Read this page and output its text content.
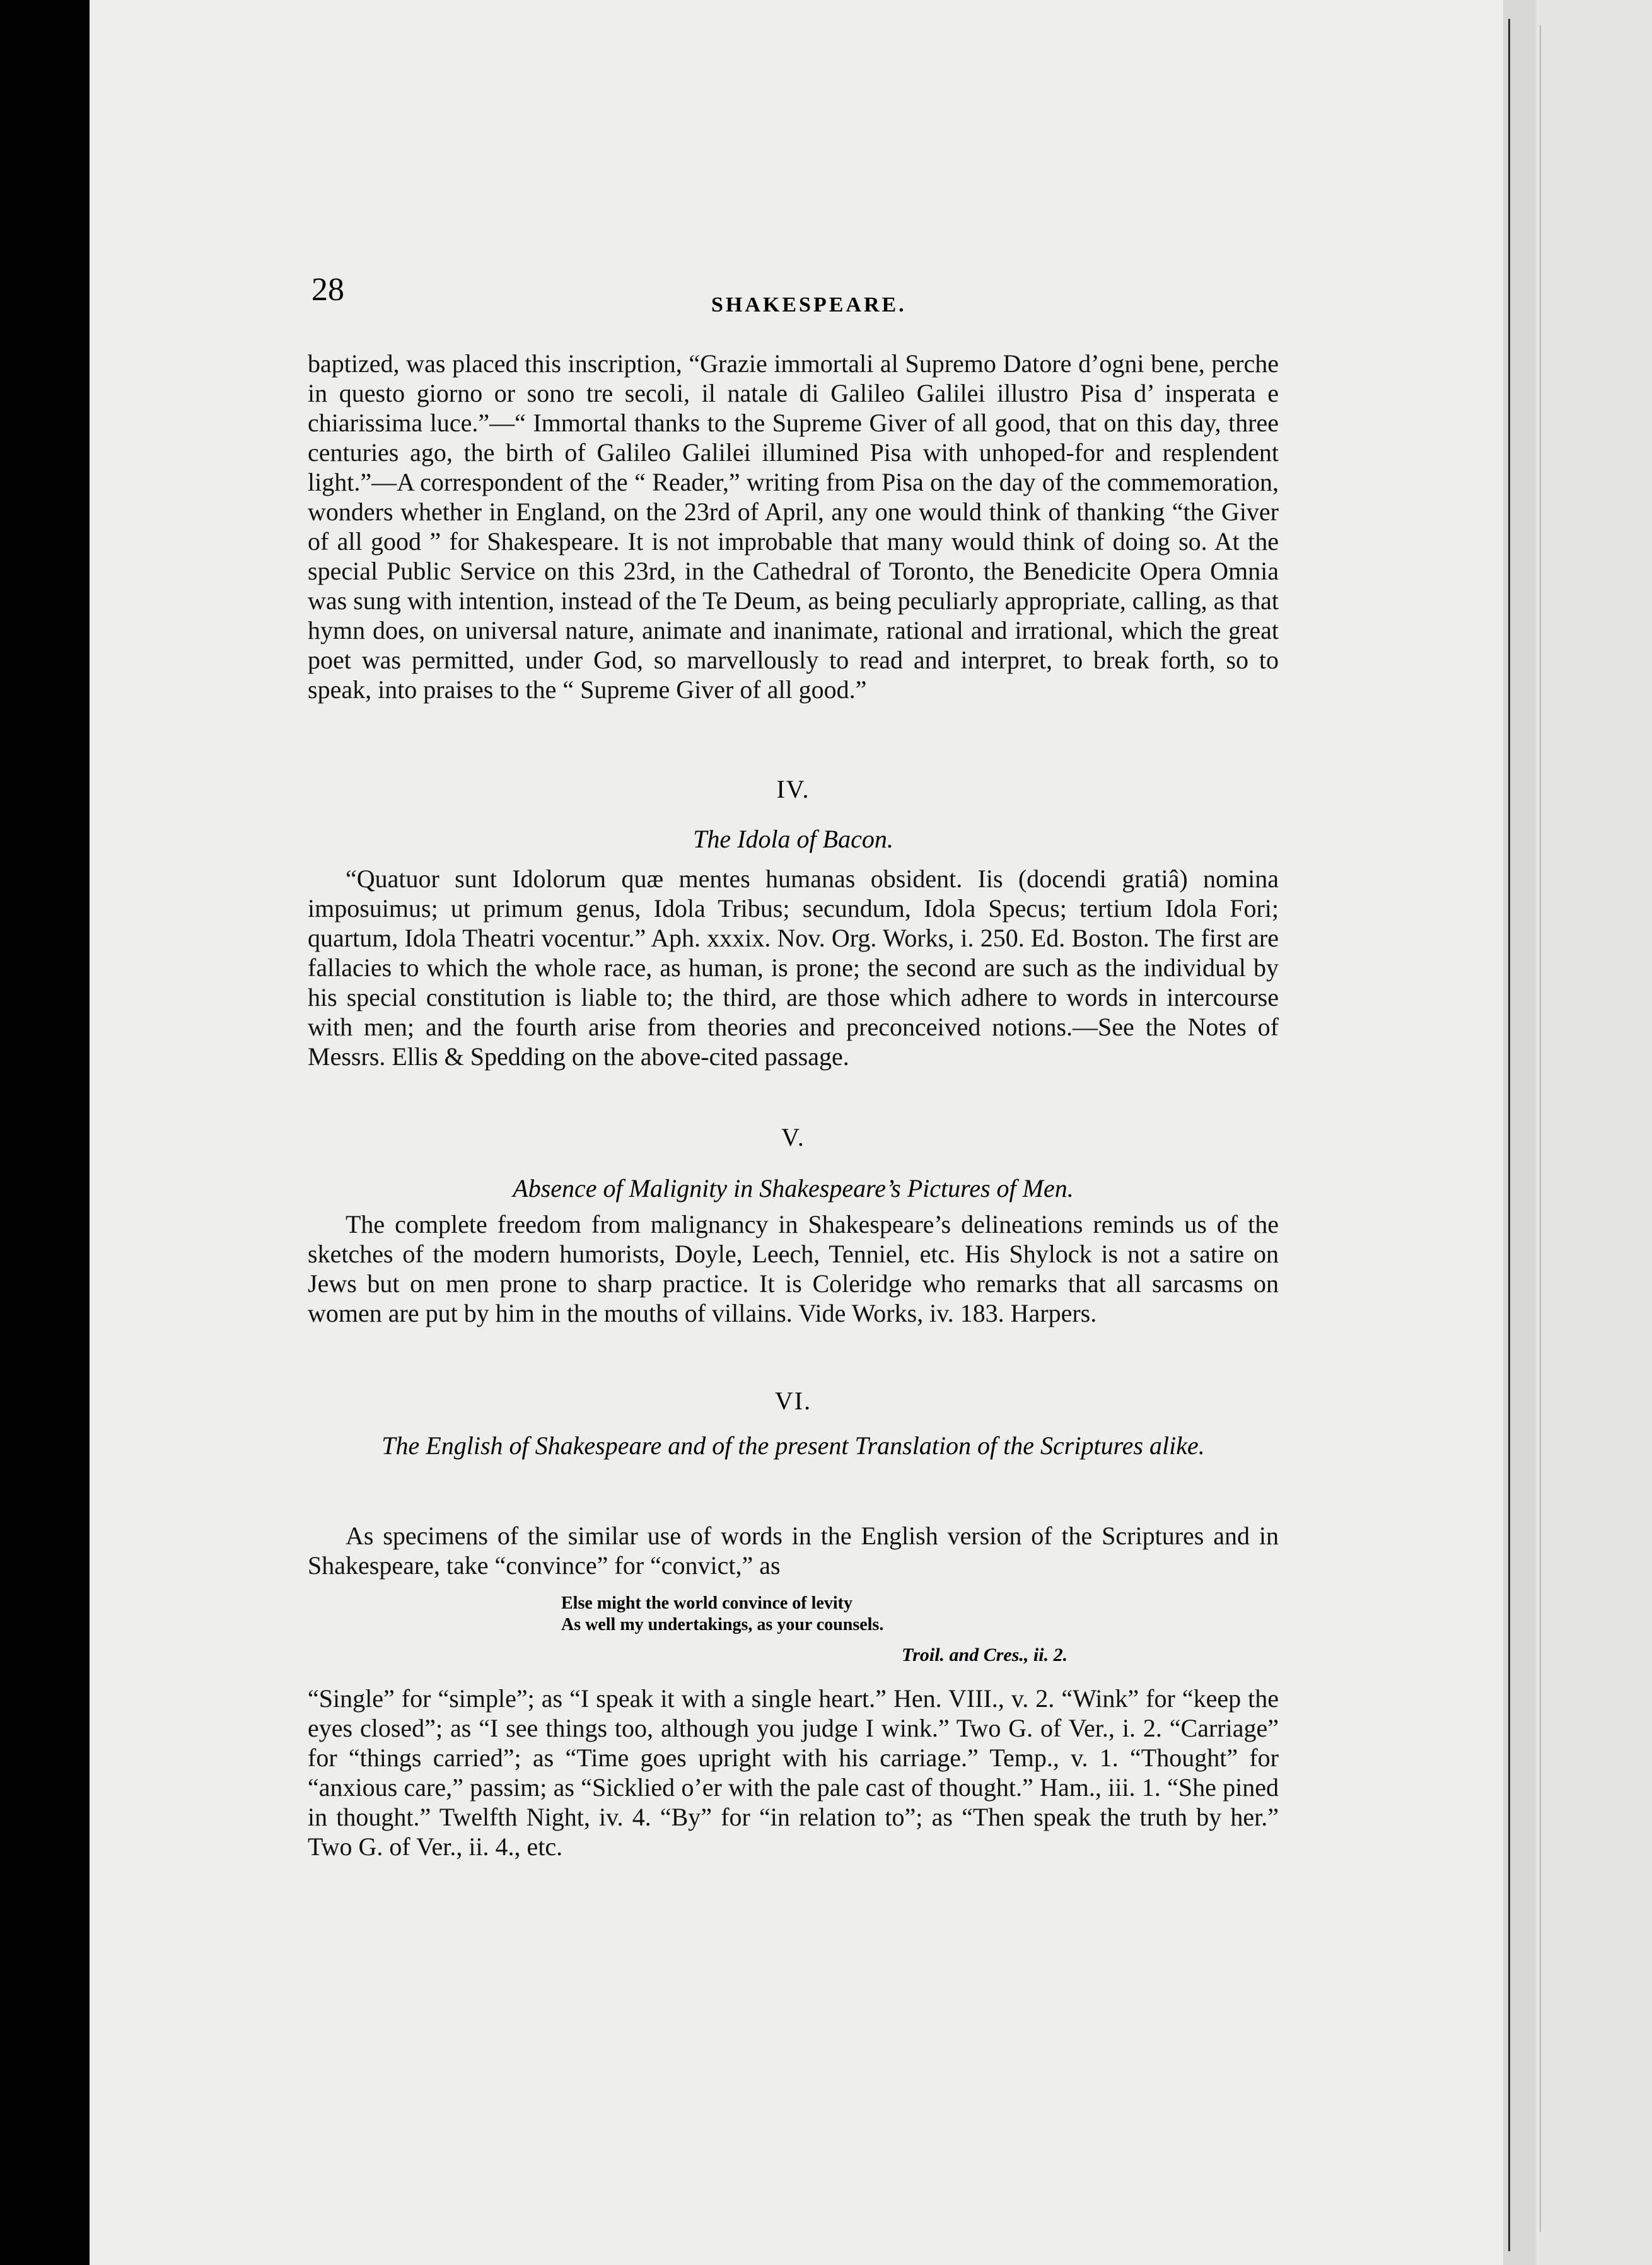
28	SHAKESPEARE.

baptized, was placed this inscription, “Grazie immortali al Supremo Datore d’ogni bene, perche in questo giorno or sono tre secoli, il natale di Galileo Galilei illustro Pisa d’ insperata e chiarissima luce.”—“ Immortal thanks to the Supreme Giver of all good, that on this day, three centuries ago, the birth of Galileo Galilei illumined Pisa with unhoped-for and resplendent light.”—A correspondent of the “ Reader,” writing from Pisa on the day of the commemoration, wonders whether in England, on the 23rd of April, any one would think of thanking “the Giver of all good ” for Shakespeare. It is not improbable that many would think of doing so. At the special Public Service on this 23rd, in the Cathedral of Toronto, the Benedicite Opera Omnia was sung with intention, instead of the Te Deum, as being peculiarly appropriate, calling, as that hymn does, on universal nature, animate and inanimate, rational and irrational, which the great poet was permitted, under God, so marvellously to read and interpret, to break forth, so to speak, into praises to the “ Supreme Giver of all good.”

IV.
The Idola of Bacon.

“Quatuor sunt Idolorum quæ mentes humanas obsident. Iis (docendi gratiâ) nomina imposuimus; ut primum genus, Idola Tribus; secundum, Idola Specus; tertium Idola Fori; quartum, Idola Theatri vocentur.” Aph. xxxix. Nov. Org. Works, i. 250. Ed. Boston. The first are fallacies to which the whole race, as human, is prone; the second are such as the individual by his special constitution is liable to; the third, are those which adhere to words in intercourse with men; and the fourth arise from theories and preconceived notions.—See the Notes of Messrs. Ellis & Spedding on the above-cited passage.

V.
Absence of Malignity in Shakespeare’s Pictures of Men.

The complete freedom from malignancy in Shakespeare’s delineations reminds us of the sketches of the modern humorists, Doyle, Leech, Tenniel, etc. His Shylock is not a satire on Jews but on men prone to sharp practice. It is Coleridge who remarks that all sarcasms on women are put by him in the mouths of villains. Vide Works, iv. 183. Harpers.

VI.
The English of Shakespeare and of the present Translation of the Scriptures alike.

As specimens of the similar use of words in the English version of the Scriptures and in Shakespeare, take “convince” for “convict,” as

Else might the world convince of levity
As well my undertakings, as your counsels.
Troil. and Cres., ii. 2.

“Single” for “simple”; as “I speak it with a single heart.” Hen. VIII., v. 2. “Wink” for “keep the eyes closed”; as “I see things too, although you judge I wink.” Two G. of Ver., i. 2. “Carriage” for “things carried”; as “Time goes upright with his carriage.” Temp., v. 1. “Thought” for “anxious care,” passim; as “Sicklied o’er with the pale cast of thought.” Ham., iii. 1. “She pined in thought.” Twelfth Night, iv. 4. “By” for “in relation to”; as “Then speak the truth by her.” Two G. of Ver., ii. 4., etc.
